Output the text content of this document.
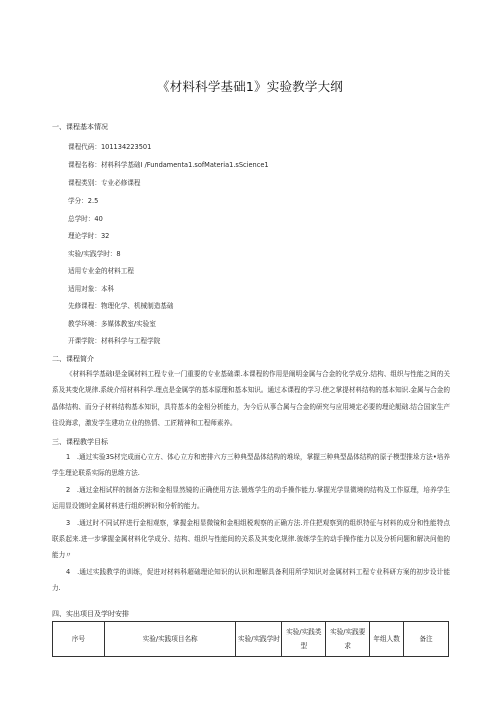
《材料科学基础1》实验教学大纲
一、课程基本情况
课程代码：101134223501
课程名称：材料科学基础I /Fundamenta1.sofMateria1.sScience1
课程类别：专业必修课程
学分：2.5
总学时：40
理论学时：32
实验/实践学时：8
适用专业金的材料工程
适用对象：本科
先修课程：物理化学、机械制造基础
教学环境：多媒体教室/实验室
开课学院：材料科学与工程学院
二、课程简介

《材料科学基础I是金属材料工程专业一门重要的专业基础课.本课程的作用是阐明金属与合金的化学成分.结构、组织与性能之间的关系及其变化规律.系统介绍材料科学.理点是金属学的基本原理和基本知识。通过本课程的学习.使之掌提材料结构的基本知识.金属与合金的晶体结构、而分子材料结构基本知识，具符基本的金相分析能力，为今后从事合属与合金的研究与应用境定必要的理论艇础.结合国家生产往设海求，激发学生建功立业的热情、工匠精神和工程师素养。

三、课程教学目标

1　.通过实验3S材完成面心立方、体心立方和密排六方三种典型晶体结构的堆垛，掌握三种典型晶体结构的原子模型推垛方法•培养学生理论联系实际的思维方法.

2　.通过金相试样的制备方法和金相显然镜的正确使用方法.锻炼学生的动手操作能力.掌握光学显微境的结构及工作原理，培养学生运用显设镀时金属材料进行组织辨识和分析的能力。

3　.通过时不同试样进行金相观察，掌握金相显微镜和金相组税观察的正确方法.并住把观察到的组织特征与材料的成分和性能特点联系起来.进一步掌握金属材料化学成分、结构、组织与性能间的关系及其变化规律.彼练学生的动手操作能力以及分析问题和解决问他的能力〃

4　.通过实践教学的训练，促进对材料科超础理论知识的认识和理解具备利用所学知识对金属材料工程专业科研方案的初步设计能力.

四、实出项目及学时安排
序号	实验/实践项目名称	实验/实践学时	实验/实践类型	实验/实践要求	年组人数	备注
